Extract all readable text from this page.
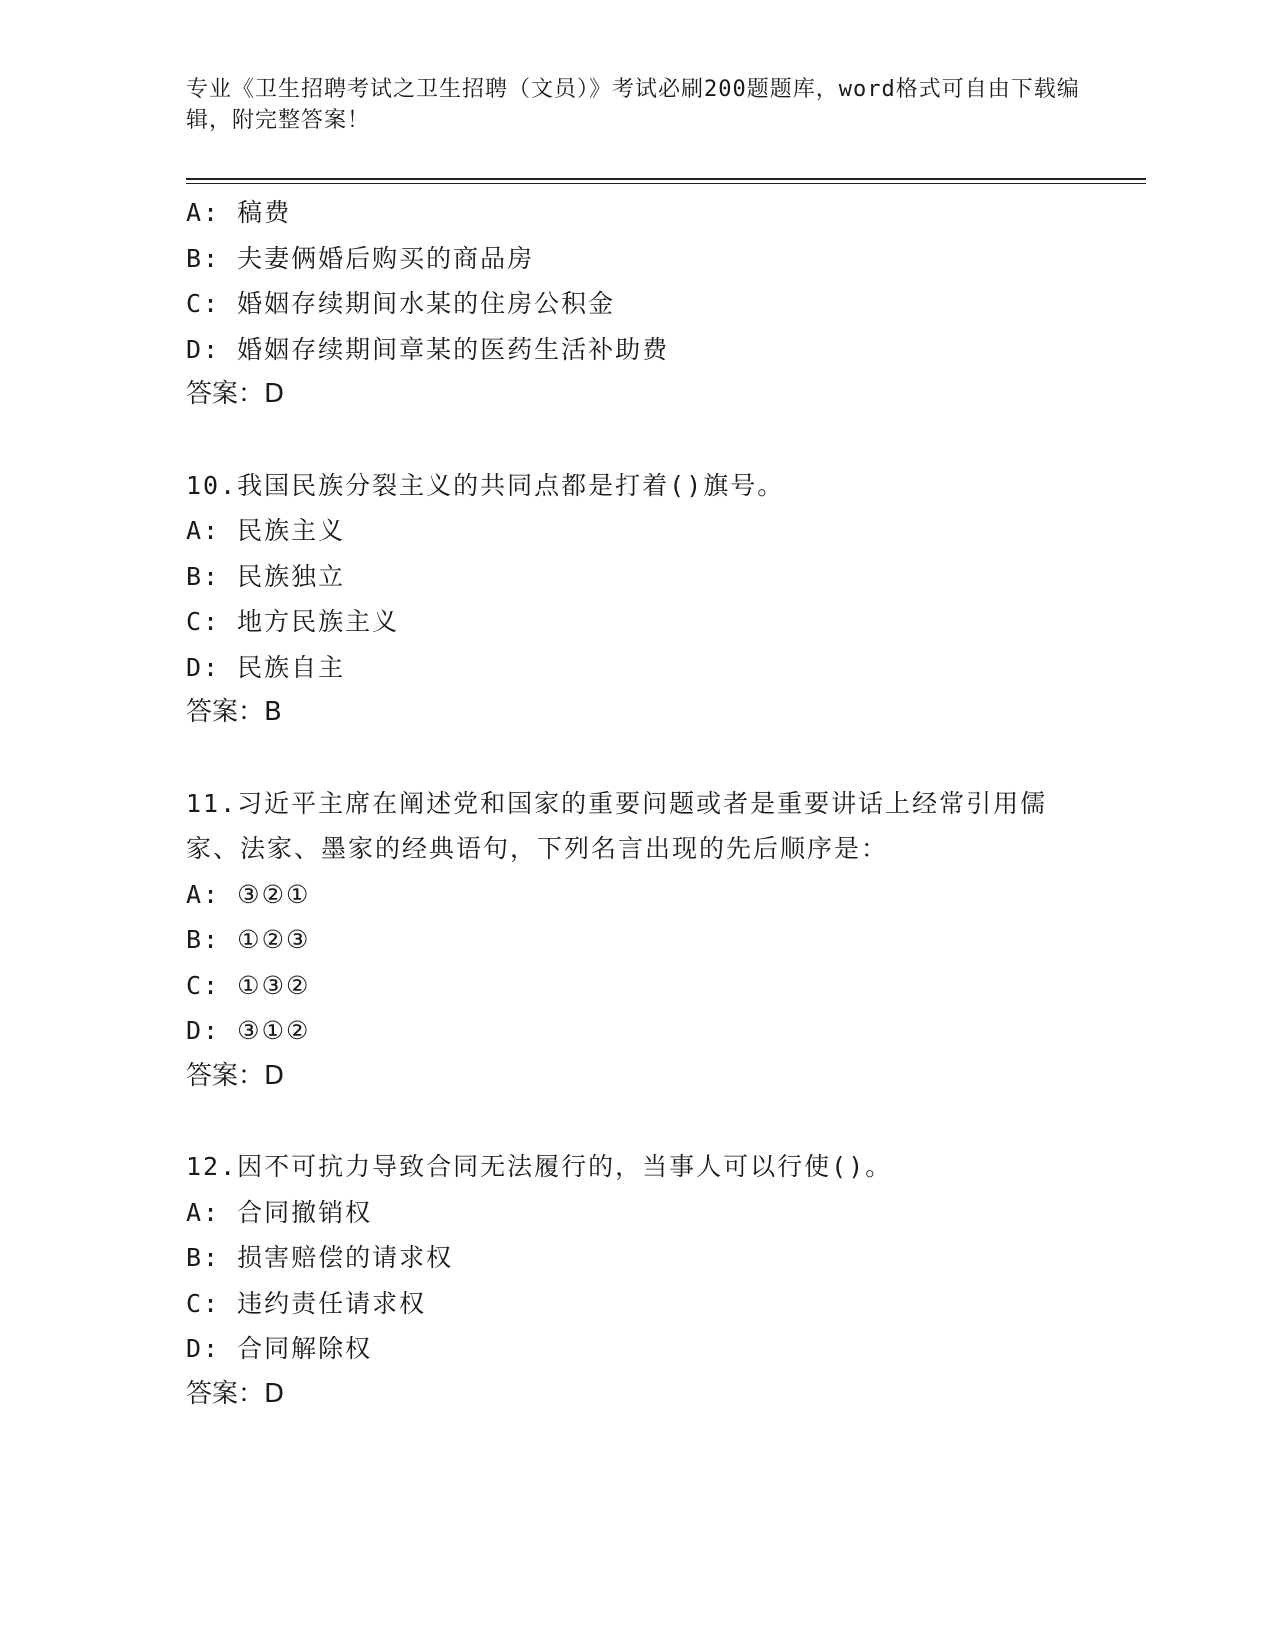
专业《卫生招聘考试之卫生招聘（文员）》考试必刷200题题库，word格式可自由下载编辑，附完整答案！
A: 稿费
B: 夫妻俩婚后购买的商品房
C: 婚姻存续期间水某的住房公积金
D: 婚姻存续期间章某的医药生活补助费
答案：D
10.我国民族分裂主义的共同点都是打着()旗号。
A: 民族主义
B: 民族独立
C: 地方民族主义
D: 民族自主
答案：B
11.习近平主席在阐述党和国家的重要问题或者是重要讲话上经常引用儒家、法家、墨家的经典语句，下列名言出现的先后顺序是：
A: ③②①
B: ①②③
C: ①③②
D: ③①②
答案：D
12.因不可抗力导致合同无法履行的，当事人可以行使()。
A: 合同撤销权
B: 损害赔偿的请求权
C: 违约责任请求权
D: 合同解除权
答案：D
